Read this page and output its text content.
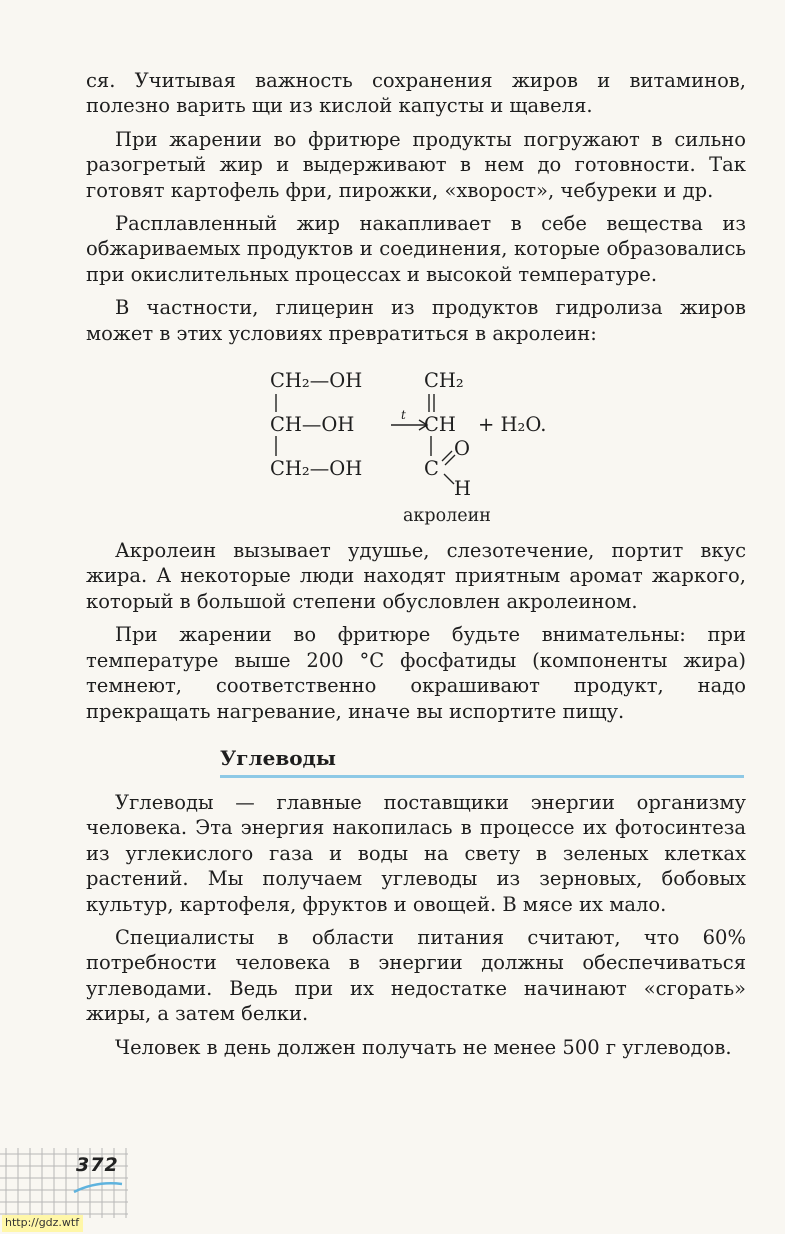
ся. Учитывая важность сохранения жиров и витаминов, полезно варить щи из кислой капусты и щавеля.

При жарении во фритюре продукты погружают в сильно разогретый жир и выдерживают в нем до готовности. Так готовят картофель фри, пирожки, «хворост», чебуреки и др.

Расплавленный жир накапливает в себе вещества из обжариваемых продуктов и соединения, которые образовались при окислительных процессах и высокой температуре.

В частности, глицерин из продуктов гидролиза жиров может в этих условиях превратиться в акролеин:

CH₂—OH
CH—OH
CH₂—OH
t
CH₂
CH
C
O
H
+ H₂O.
акролеин

Акролеин вызывает удушье, слезотечение, портит вкус жира. А некоторые люди находят приятным аромат жаркого, который в большой степени обусловлен акролеином.

При жарении во фритюре будьте внимательны: при температуре выше 200 °С фосфатиды (компоненты жира) темнеют, соответственно окрашивают продукт, надо прекращать нагревание, иначе вы испортите пищу.

Углеводы

Углеводы — главные поставщики энергии организму человека. Эта энергия накопилась в процессе их фотосинтеза из углекислого газа и воды на свету в зеленых клетках растений. Мы получаем углеводы из зерновых, бобовых культур, картофеля, фруктов и овощей. В мясе их мало.

Специалисты в области питания считают, что 60% потребности человека в энергии должны обеспечиваться углеводами. Ведь при их недостатке начинают «сгорать» жиры, а затем белки.

Человек в день должен получать не менее 500 г углеводов.

372
http://gdz.wtf
